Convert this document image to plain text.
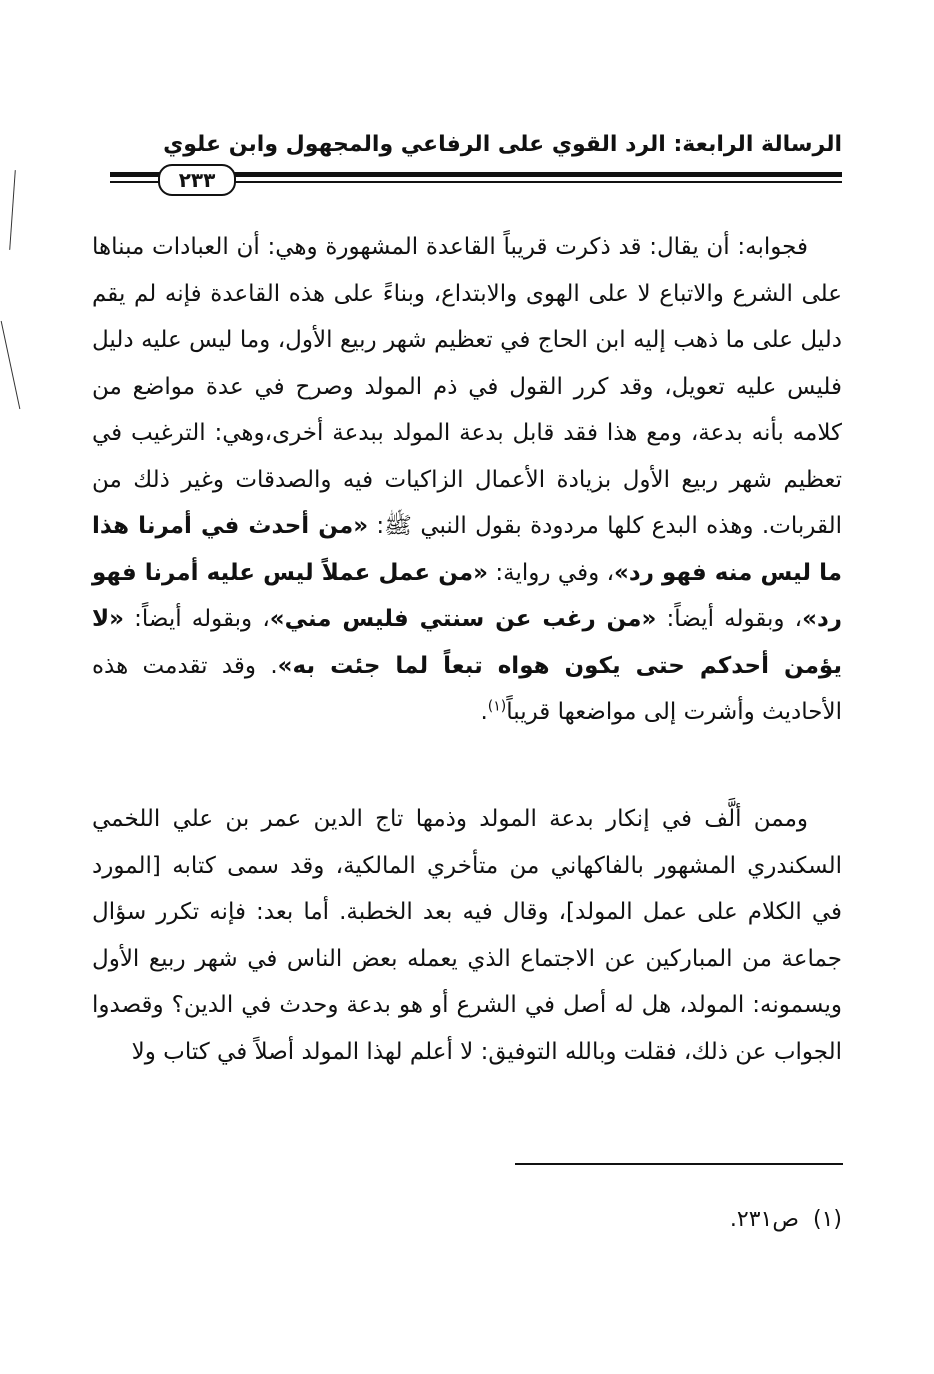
الرسالة الرابعة: الرد القوي على الرفاعي والمجهول وابن علوي
٢٣٣
فجوابه: أن يقال: قد ذكرت قريباً القاعدة المشهورة وهي: أن العبادات مبناها على الشرع والاتباع لا على الهوى والابتداع، وبناءً على هذه القاعدة فإنه لم يقم دليل على ما ذهب إليه ابن الحاج في تعظيم شهر ربيع الأول، وما ليس عليه دليل فليس عليه تعويل، وقد كرر القول في ذم المولد وصرح في عدة مواضع من كلامه بأنه بدعة، ومع هذا فقد قابل بدعة المولد ببدعة أخرى،وهي: الترغيب في تعظيم شهر ربيع الأول بزيادة الأعمال الزاكيات فيه والصدقات وغير ذلك من القربات. وهذه البدع كلها مردودة بقول النبي ﷺ: «من أحدث في أمرنا هذا ما ليس منه فهو رد»، وفي رواية: «من عمل عملاً ليس عليه أمرنا فهو رد»، وبقوله أيضاً: «من رغب عن سنتي فليس مني»، وبقوله أيضاً: «لا يؤمن أحدكم حتى يكون هواه تبعاً لما جئت به». وقد تقدمت هذه الأحاديث وأشرت إلى مواضعها قريباً$^{(١)}$.
وممن ألَّف في إنكار بدعة المولد وذمها تاج الدين عمر بن علي اللخمي السكندري المشهور بالفاكهاني من متأخري المالكية، وقد سمى كتابه [المورد في الكلام على عمل المولد]، وقال فيه بعد الخطبة. أما بعد: فإنه تكرر سؤال جماعة من المباركين عن الاجتماع الذي يعمله بعض الناس في شهر ربيع الأول ويسمونه: المولد، هل له أصل في الشرع أو هو بدعة وحدث في الدين؟ وقصدوا الجواب عن ذلك، فقلت وبالله التوفيق: لا أعلم لهذا المولد أصلاً في كتاب ولا
(١)ص٢٣١.
